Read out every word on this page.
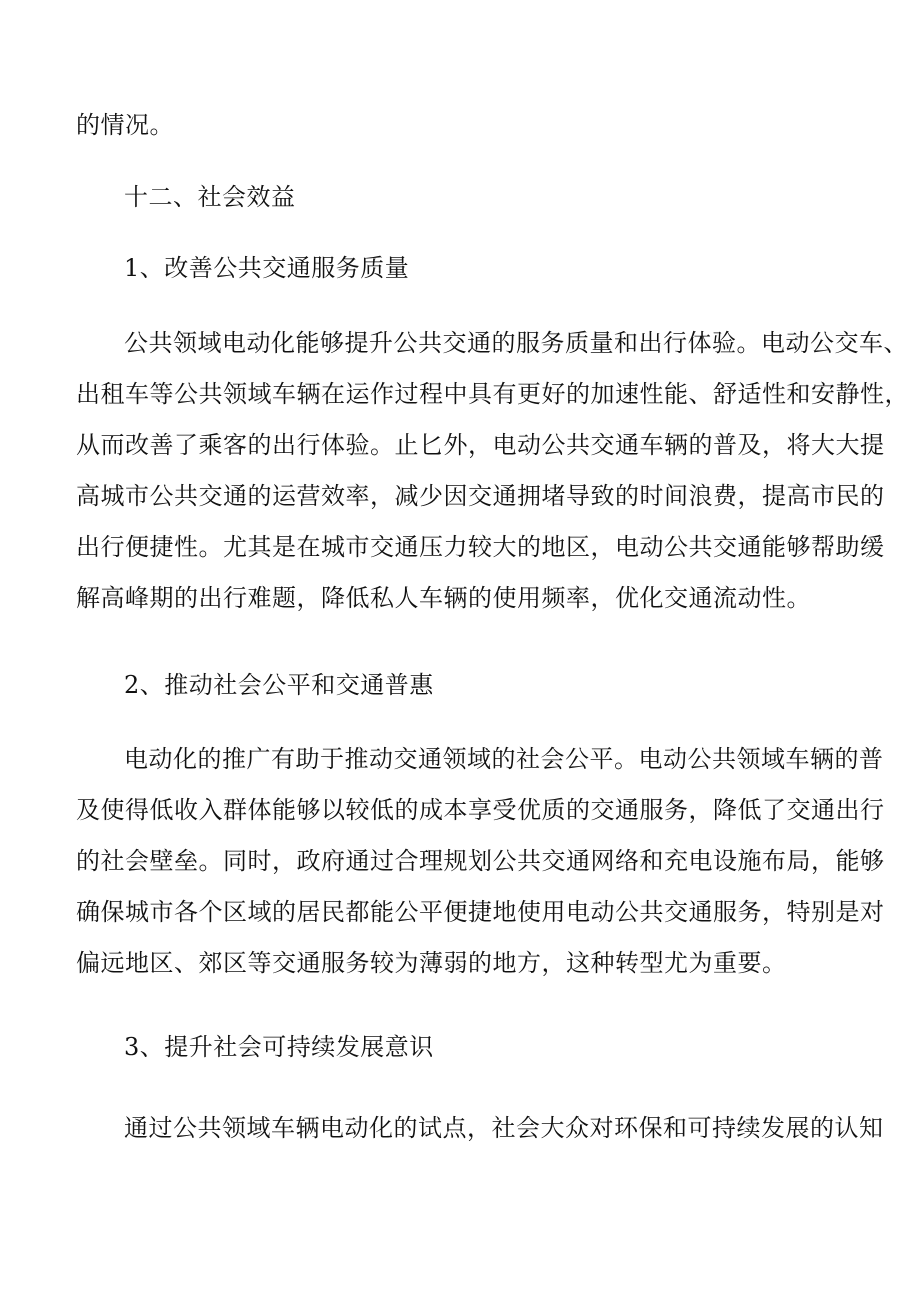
的情况。

十二、社会效益
1、改善公共交通服务质量

公共领域电动化能够提升公共交通的服务质量和出行体验。电动公交车、
出租车等公共领域车辆在运作过程中具有更好的加速性能、舒适性和安静性，
从而改善了乘客的出行体验。止匕外，电动公共交通车辆的普及，将大大提
高城市公共交通的运营效率，减少因交通拥堵导致的时间浪费，提高市民的
出行便捷性。尤其是在城市交通压力较大的地区，电动公共交通能够帮助缓
解高峰期的出行难题，降低私人车辆的使用频率，优化交通流动性。

2、推动社会公平和交通普惠

电动化的推广有助于推动交通领域的社会公平。电动公共领域车辆的普
及使得低收入群体能够以较低的成本享受优质的交通服务，降低了交通出行
的社会壁垒。同时，政府通过合理规划公共交通网络和充电设施布局，能够
确保城市各个区域的居民都能公平便捷地使用电动公共交通服务，特别是对
偏远地区、郊区等交通服务较为薄弱的地方，这种转型尤为重要。

3、提升社会可持续发展意识

通过公共领域车辆电动化的试点，社会大众对环保和可持续发展的认知
